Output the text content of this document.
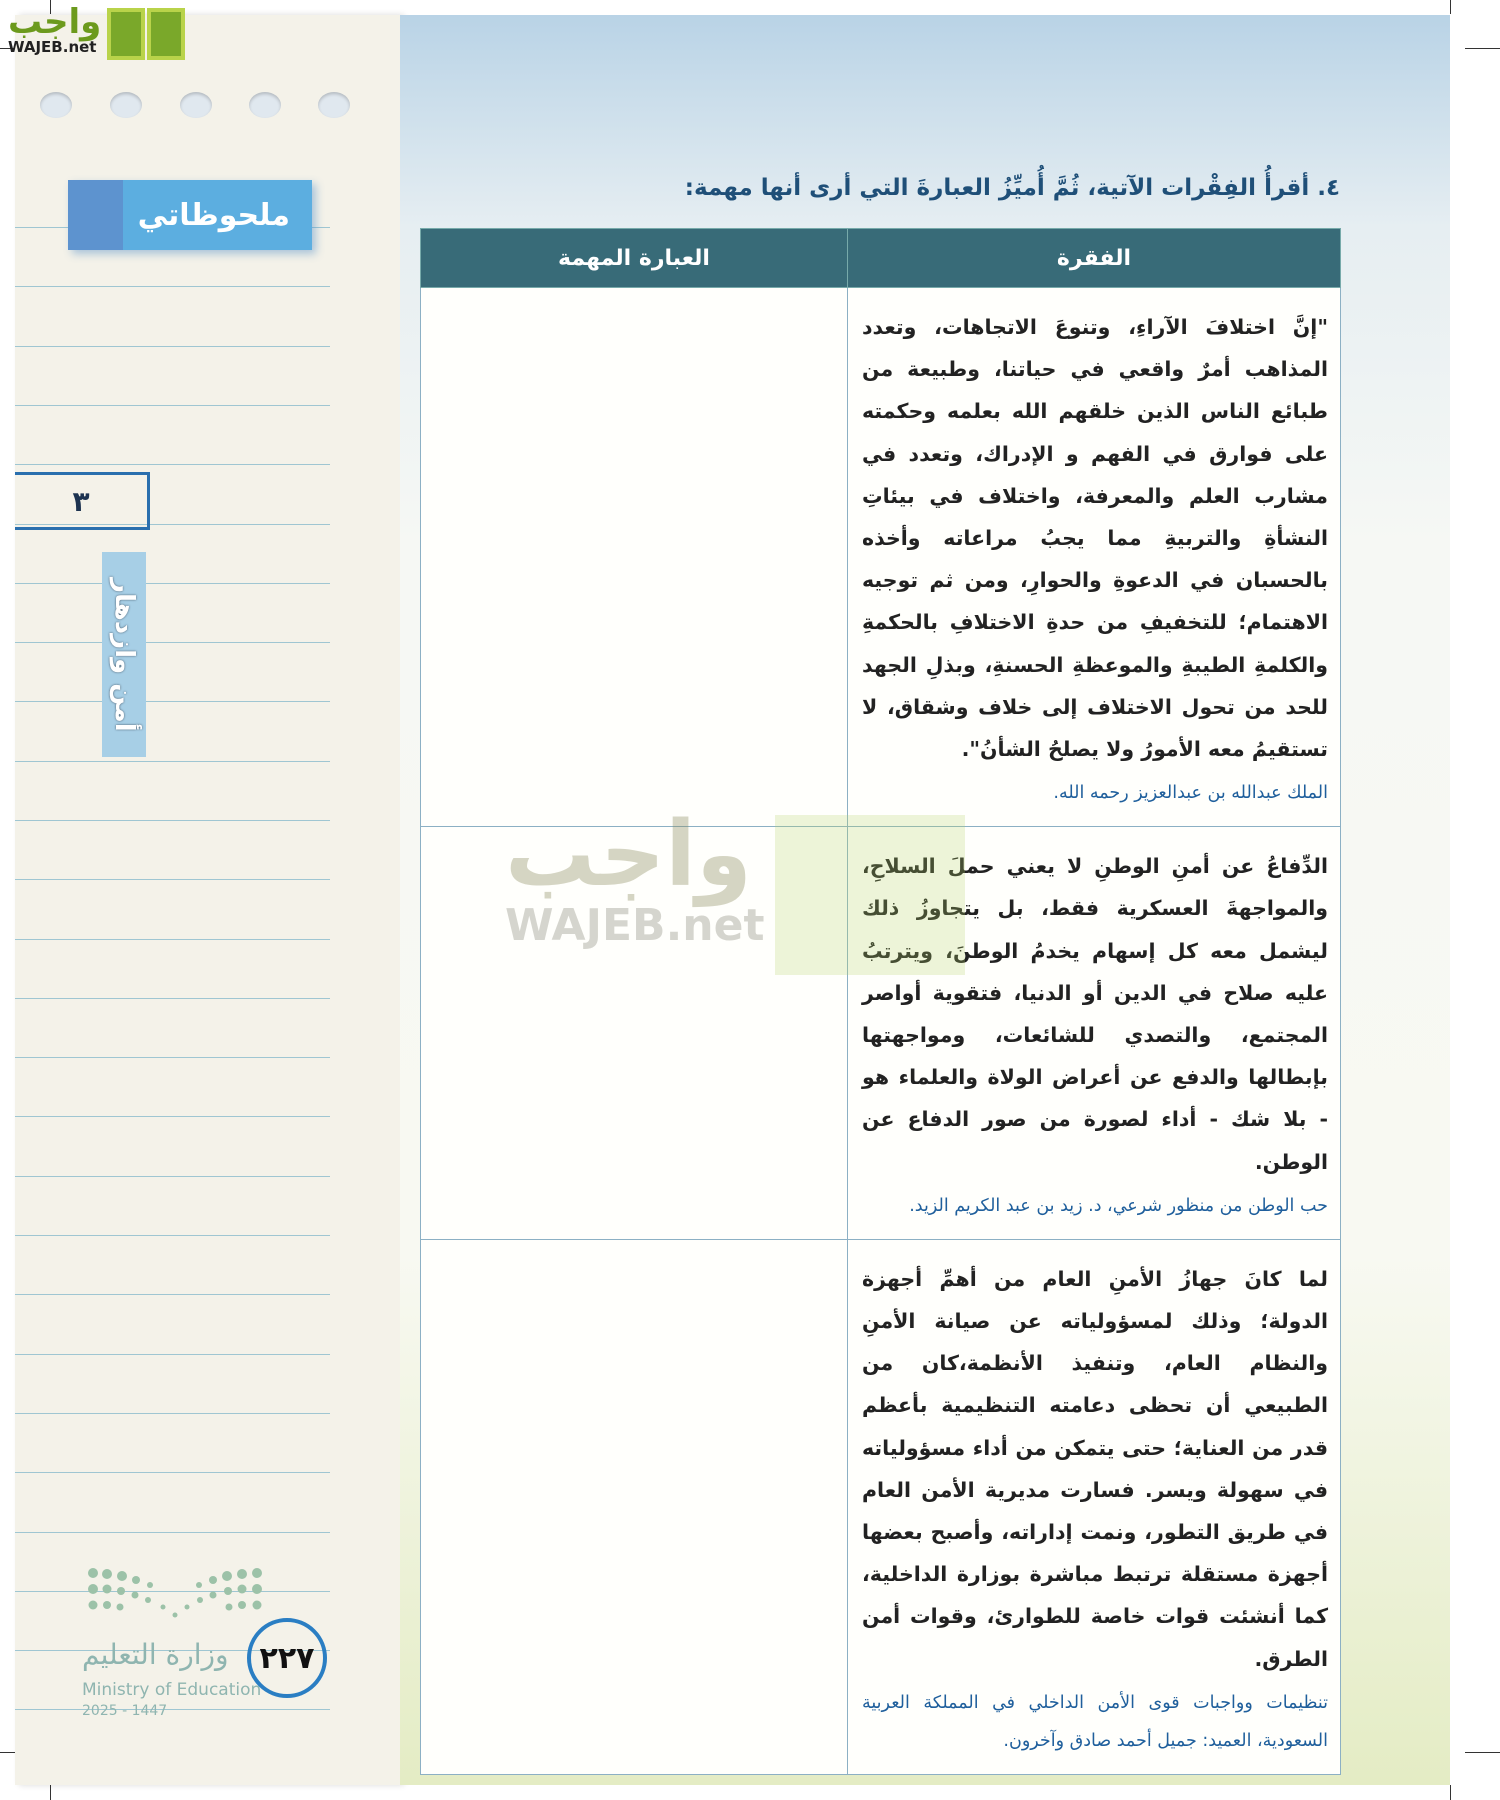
واجب
WAJEB.net
ملحوظاتي
٣
أمن وازدهار
وزارة التعليم
Ministry of Education
2025 - 1447
٢٢٧
٤. أقرأُ الفِقْرات الآتية، ثُمَّ أُميِّزُ العبارةَ التي أرى أنها مهمة:
الفقرة	العبارة المهمة

"إنَّ اختلافَ الآراءِ، وتنوعَ الاتجاهات، وتعدد المذاهب أمرٌ واقعي في حياتنا، وطبيعة من طبائع الناس الذين خلقهم الله بعلمه وحكمته على فوارق في الفهم و الإدراك، وتعدد في مشارب العلم والمعرفة، واختلاف في بيئاتِ النشأةِ والتربيةِ مما يجبُ مراعاته وأخذه بالحسبان في الدعوةِ والحوارِ، ومن ثم توجيه الاهتمام؛ للتخفيفِ من حدةِ الاختلافِ بالحكمةِ والكلمةِ الطيبةِ والموعظةِ الحسنةِ، وبذلِ الجهد للحد من تحول الاختلاف إلى خلاف وشقاق، لا تستقيمُ معه الأمورُ ولا يصلحُ الشأنُ".

الملك عبدالله بن عبدالعزيز رحمه الله.	

الدِّفاعُ عن أمنِ الوطنِ لا يعني حملَ السلاحِ، والمواجهةَ العسكرية فقط، بل يتجاوزُ ذلك ليشمل معه كل إسهام يخدمُ الوطنَ، ويترتبُ عليه صلاح في الدين أو الدنيا، فتقوية أواصر المجتمع، والتصدي للشائعات، ومواجهتها بإبطالها والدفع عن أعراض الولاة والعلماء هو - بلا شك - أداء لصورة من صور الدفاع عن الوطن.

حب الوطن من منظور شرعي، د. زيد بن عبد الكريم الزيد.	

لما كانَ جهازُ الأمنِ العام من أهمِّ أجهزة الدولة؛ وذلك لمسؤولياته عن صيانة الأمنِ والنظام العام، وتنفيذ الأنظمة،كان من الطبيعي أن تحظى دعامته التنظيمية بأعظم قدر من العناية؛ حتى يتمكن من أداء مسؤولياته في سهولة ويسر. فسارت مديرية الأمن العام في طريق التطور، ونمت إداراته، وأصبح بعضها أجهزة مستقلة ترتبط مباشرة بوزارة الداخلية، كما أنشئت قوات خاصة للطوارئ، وقوات أمن الطرق.

تنظيمات وواجبات قوى الأمن الداخلي في المملكة العربية السعودية، العميد: جميل أحمد صادق وآخرون.	

واجب
WAJEB.net
